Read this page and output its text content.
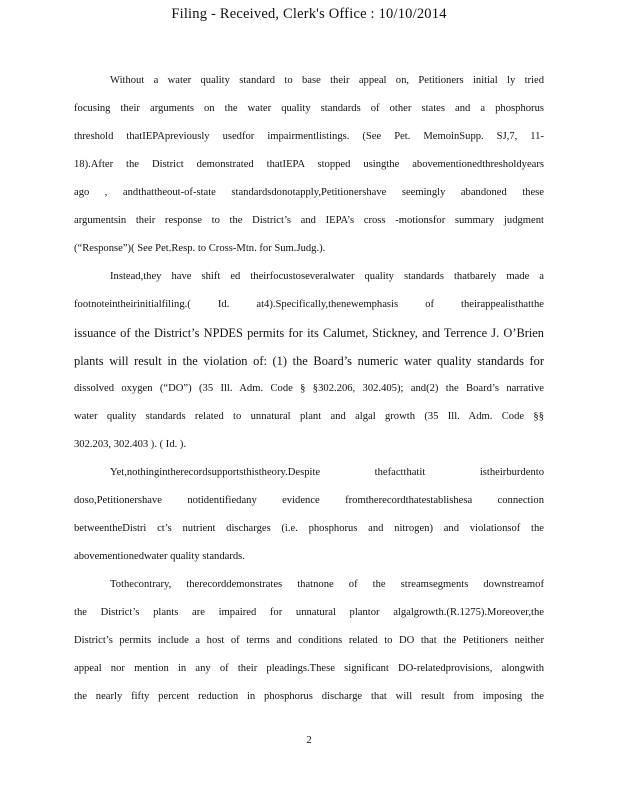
Filing - Received, Clerk's Office : 10/10/2014
Without a water quality standard to base their appeal on, Petitioners initial ly tried
focusing their arguments on the water quality standards of other states and a phosphorus
threshold thatIEPApreviously usedfor impairmentlistings. (See Pet. MemoinSupp. SJ,7, 11-
18).After the District demonstrated thatIEPA stopped usingthe abovementionedthresholdyears
ago , andthattheout-of-state standardsdonotapply,Petitionershave seemingly abandoned these
argumentsin their response to the District’s and IEPA’s cross -motionsfor summary judgment
(“Response”)( See Pet.Resp. to Cross-Mtn. for Sum.Judg.).
Instead,they have shift ed theirfocustoseveralwater quality standards thatbarely made a
footnoteintheirinitialfiling.( Id. at4).Specifically,thenewemphasis of theirappealisthatthe
issuance of the District’s NPDES permits for its Calumet, Stickney, and Terrence J. O’Brien
plants will result in the violation of: (1) the Board’s numeric water quality standards for
dissolved oxygen (“DO”) (35 Ill. Adm. Code § §302.206, 302.405); and(2) the Board’s narrative
water quality standards related to unnatural plant and algal growth (35 Ill. Adm. Code §§
302.203, 302.403 ). ( Id. ).
Yet,nothingintherecordsupportsthistheory.Despite thefactthatit istheirburdento
doso,Petitionershave notidentifiedany evidence fromtherecordthatestablishesa connection
betweentheDistri ct’s nutrient discharges (i.e. phosphorus and nitrogen) and violationsof the
abovementionedwater quality standards.
Tothecontrary, therecorddemonstrates thatnone of the streamsegments downstreamof
the District’s plants are impaired for unnatural plantor algalgrowth.(R.1275).Moreover,the
District’s permits include a host of terms and conditions related to DO that the Petitioners neither
appeal nor mention in any of their pleadings.These significant DO-relatedprovisions, alongwith
the nearly fifty percent reduction in phosphorus discharge that will result from imposing the
2
